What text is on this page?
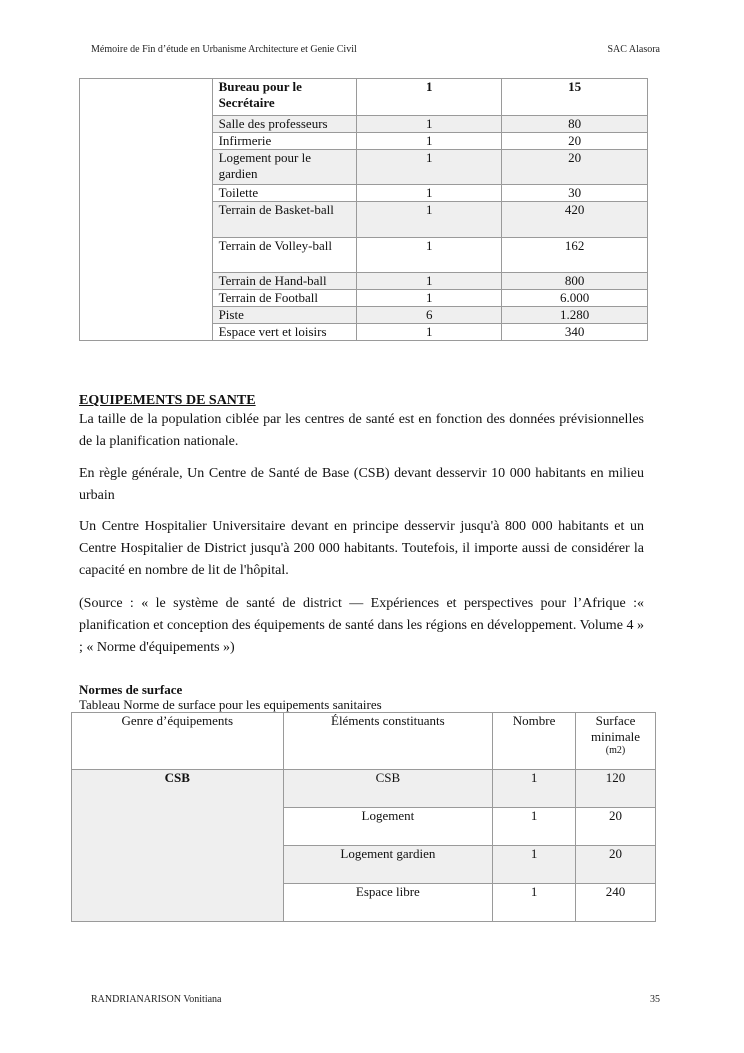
Mémoire de Fin d’étude en Urbanisme Architecture et Genie Civil	SAC Alasora
	Bureau pour le Secrétaire	1	15
	Salle des professeurs	1	80
	Infirmerie	1	20
	Logement pour le gardien	1	20
	Toilette	1	30
	Terrain de Basket-ball	1	420
	Terrain de Volley-ball	1	162
	Terrain de Hand-ball	1	800
	Terrain de Football	1	6.000
	Piste	6	1.280
	Espace vert et loisirs	1	340
EQUIPEMENTS DE SANTE
La taille de la population ciblée par les centres de santé est en fonction des données prévisionnelles de la planification nationale.
En règle générale, Un Centre de Santé de Base (CSB) devant desservir 10 000 habitants en milieu urbain
Un Centre Hospitalier Universitaire devant en principe desservir jusqu'à 800 000 habitants et un Centre Hospitalier de District jusqu'à 200 000 habitants. Toutefois, il importe aussi de considérer la capacité en nombre de lit de l'hôpital.
(Source : « le système de santé de district — Expériences et perspectives pour l’Afrique :« planification et conception des équipements de santé dans les régions en développement. Volume 4 » ; « Norme d'équipements »)
Normes de surface
Tableau Norme de surface pour les equipements sanitaires
Genre d’équipements	Éléments constituants	Nombre	Surface minimale
(m2)

CSB	CSB	1	120
	Logement	1	20
	Logement gardien	1	20
	Espace libre	1	240
RANDRIANARISON Vonitiana	35
